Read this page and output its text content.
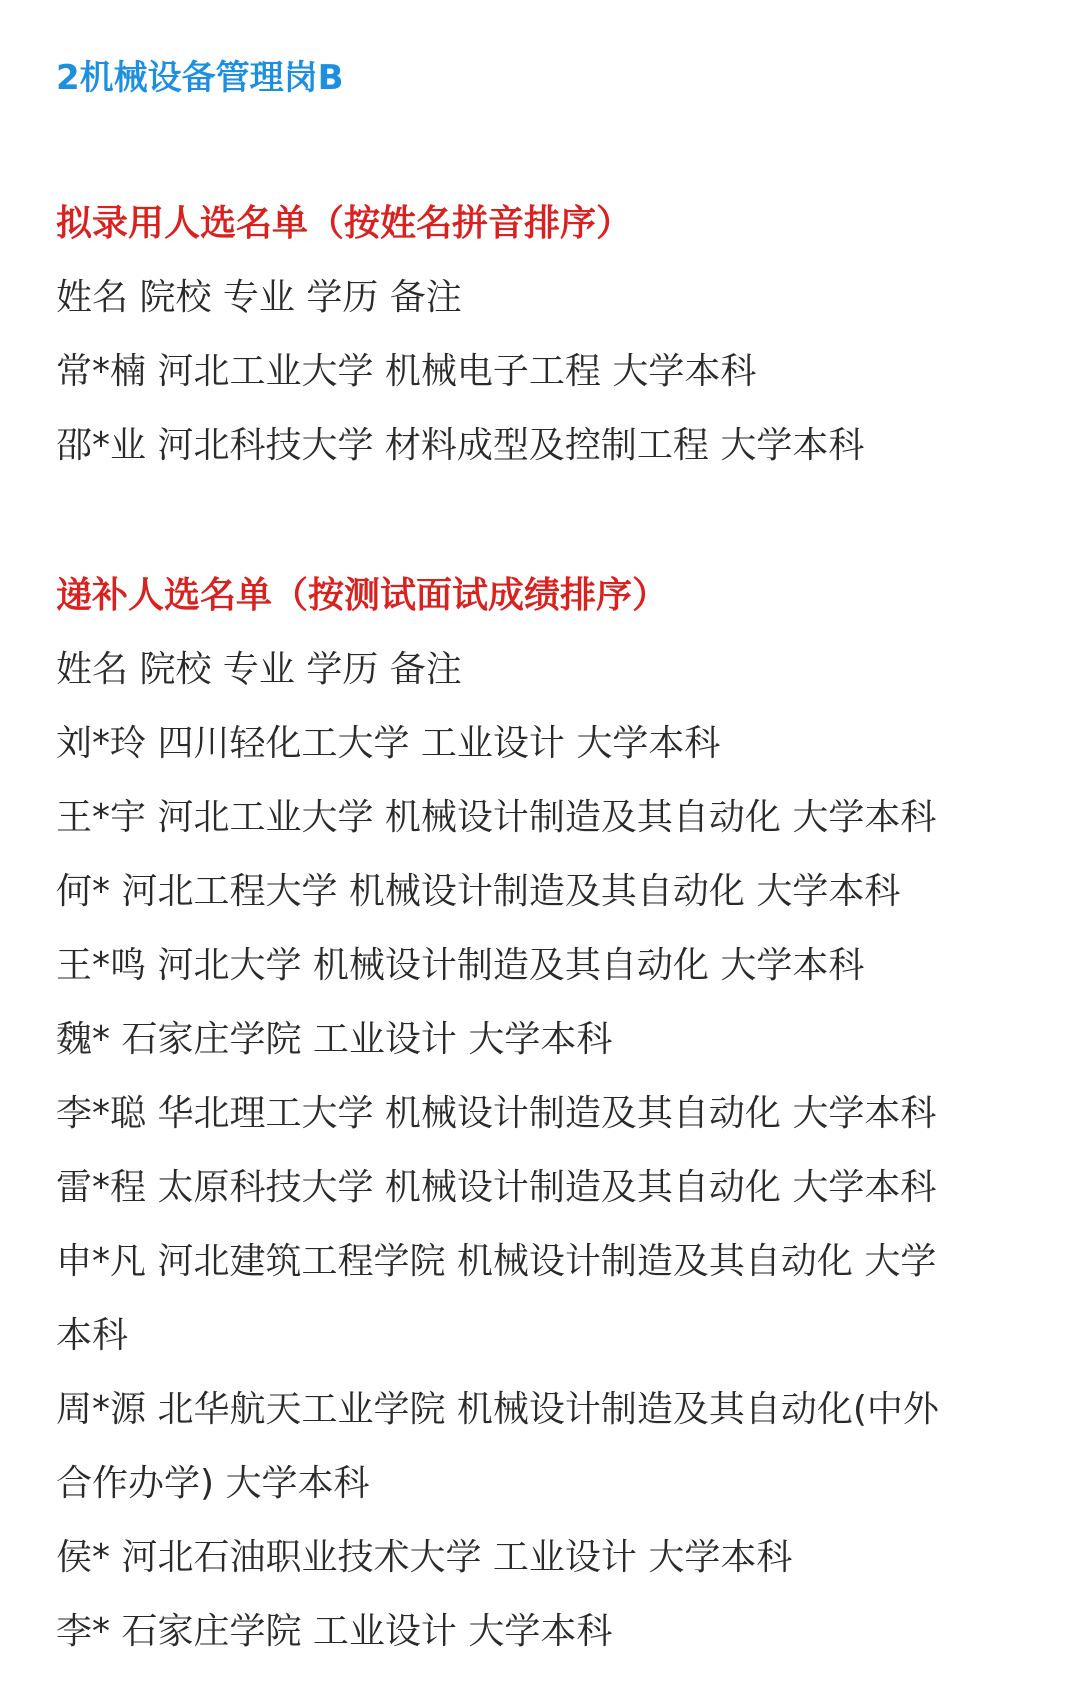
2机械设备管理岗B
拟录用人选名单（按姓名拼音排序）
姓名 院校 专业 学历 备注
常*楠 河北工业大学 机械电子工程 大学本科
邵*业 河北科技大学 材料成型及控制工程 大学本科
递补人选名单（按测试面试成绩排序）
姓名 院校 专业 学历 备注
刘*玲 四川轻化工大学 工业设计 大学本科
王*宇 河北工业大学 机械设计制造及其自动化 大学本科
何* 河北工程大学 机械设计制造及其自动化 大学本科
王*鸣 河北大学 机械设计制造及其自动化 大学本科
魏* 石家庄学院 工业设计 大学本科
李*聪 华北理工大学 机械设计制造及其自动化 大学本科
雷*程 太原科技大学 机械设计制造及其自动化 大学本科
申*凡 河北建筑工程学院 机械设计制造及其自动化 大学
本科
周*源 北华航天工业学院 机械设计制造及其自动化(中外
合作办学) 大学本科
侯* 河北石油职业技术大学 工业设计 大学本科
李* 石家庄学院 工业设计 大学本科
